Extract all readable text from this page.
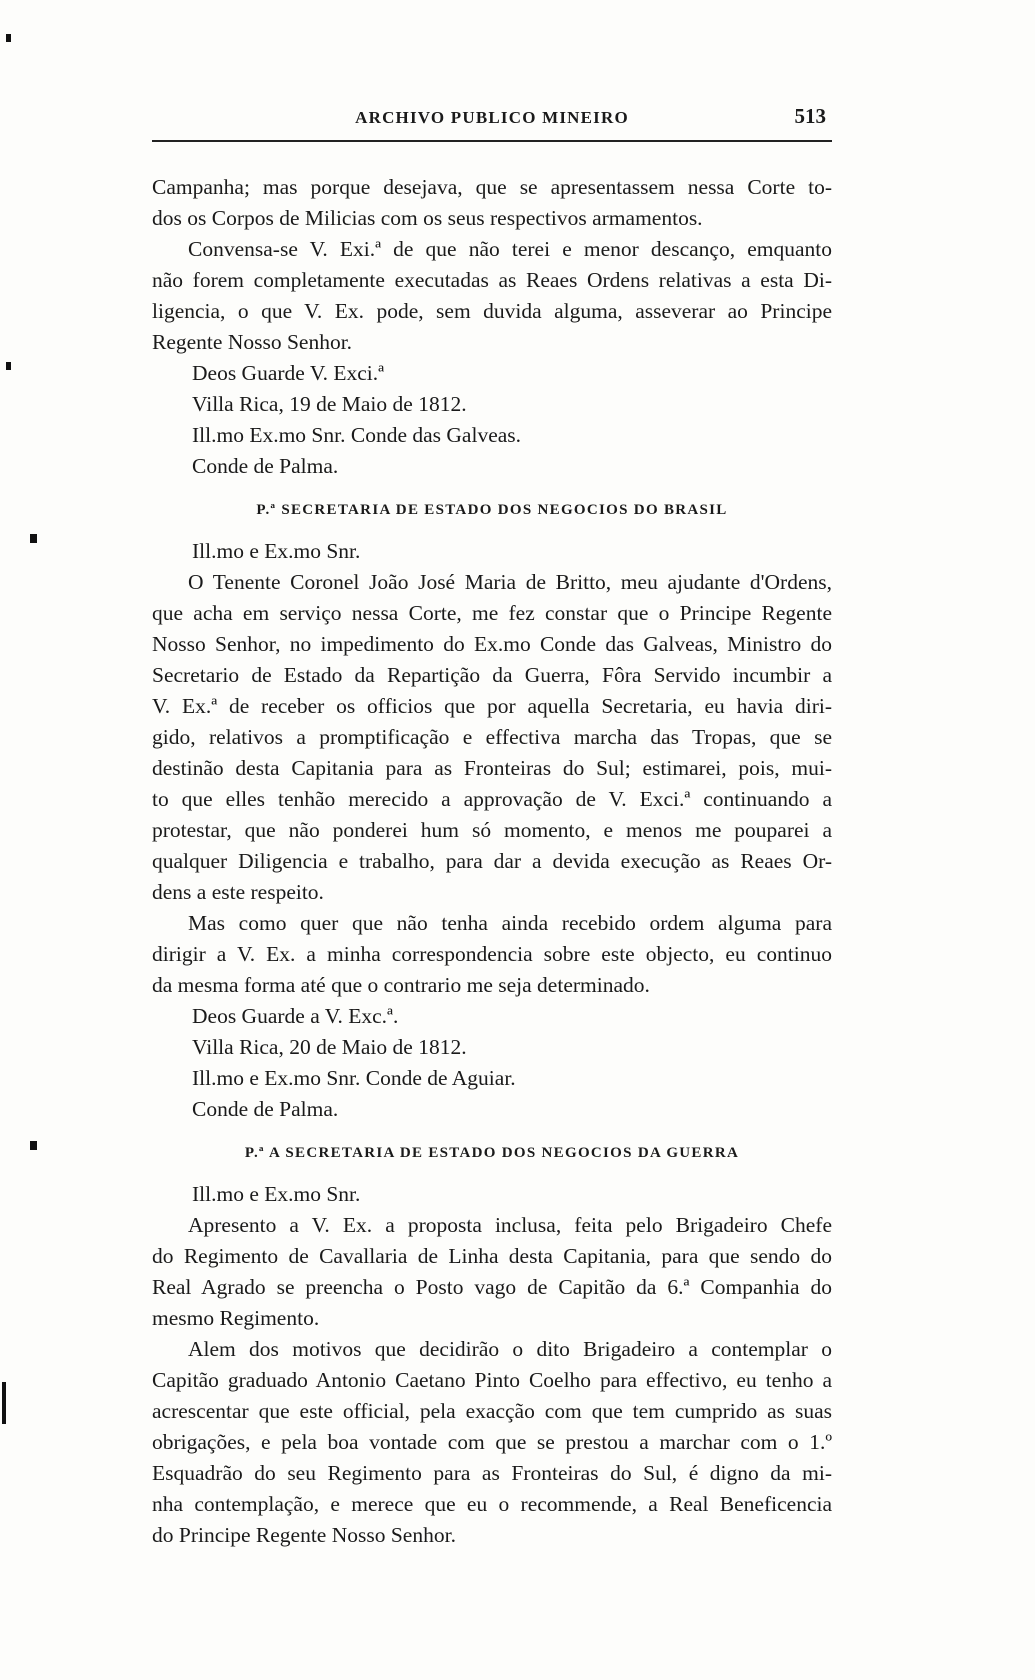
ARCHIVO PUBLICO MINEIRO	513
Campanha; mas porque desejava, que se apresentassem nessa Corte to-
dos os Corpos de Milicias com os seus respectivos armamentos.
Convensa-se V. Exi.ª de que não terei e menor descanço, emquanto
não forem completamente executadas as Reaes Ordens relativas a esta Di-
ligencia, o que V. Ex. pode, sem duvida alguma, asseverar ao Principe
Regente Nosso Senhor.
Deos Guarde V. Exci.ª
Villa Rica, 19 de Maio de 1812.
Ill.mo Ex.mo Snr. Conde das Galveas.
Conde de Palma.
P.ª SECRETARIA DE ESTADO DOS NEGOCIOS DO BRASIL
Ill.mo e Ex.mo Snr.
O Tenente Coronel João José Maria de Britto, meu ajudante d'Ordens,
que acha em serviço nessa Corte, me fez constar que o Principe Regente
Nosso Senhor, no impedimento do Ex.mo Conde das Galveas, Ministro do
Secretario de Estado da Repartição da Guerra, Fôra Servido incumbir a
V. Ex.ª de receber os officios que por aquella Secretaria, eu havia diri-
gido, relativos a promptificação e effectiva marcha das Tropas, que se
destinão desta Capitania para as Fronteiras do Sul; estimarei, pois, mui-
to que elles tenhão merecido a approvação de V. Exci.ª continuando a
protestar, que não ponderei hum só momento, e menos me pouparei a
qualquer Diligencia e trabalho, para dar a devida execução as Reaes Or-
dens a este respeito.
Mas como quer que não tenha ainda recebido ordem alguma para
dirigir a V. Ex. a minha correspondencia sobre este objecto, eu continuo
da mesma forma até que o contrario me seja determinado.
Deos Guarde a V. Exc.ª.
Villa Rica, 20 de Maio de 1812.
Ill.mo e Ex.mo Snr. Conde de Aguiar.
Conde de Palma.
P.ª A SECRETARIA DE ESTADO DOS NEGOCIOS DA GUERRA
Ill.mo e Ex.mo Snr.
Apresento a V. Ex. a proposta inclusa, feita pelo Brigadeiro Chefe
do Regimento de Cavallaria de Linha desta Capitania, para que sendo do
Real Agrado se preencha o Posto vago de Capitão da 6.ª Companhia do
mesmo Regimento.
Alem dos motivos que decidirão o dito Brigadeiro a contemplar o
Capitão graduado Antonio Caetano Pinto Coelho para effectivo, eu tenho a
acrescentar que este official, pela exacção com que tem cumprido as suas
obrigações, e pela boa vontade com que se prestou a marchar com o 1.º
Esquadrão do seu Regimento para as Fronteiras do Sul, é digno da mi-
nha contemplação, e merece que eu o recommende, a Real Beneficencia
do Principe Regente Nosso Senhor.
